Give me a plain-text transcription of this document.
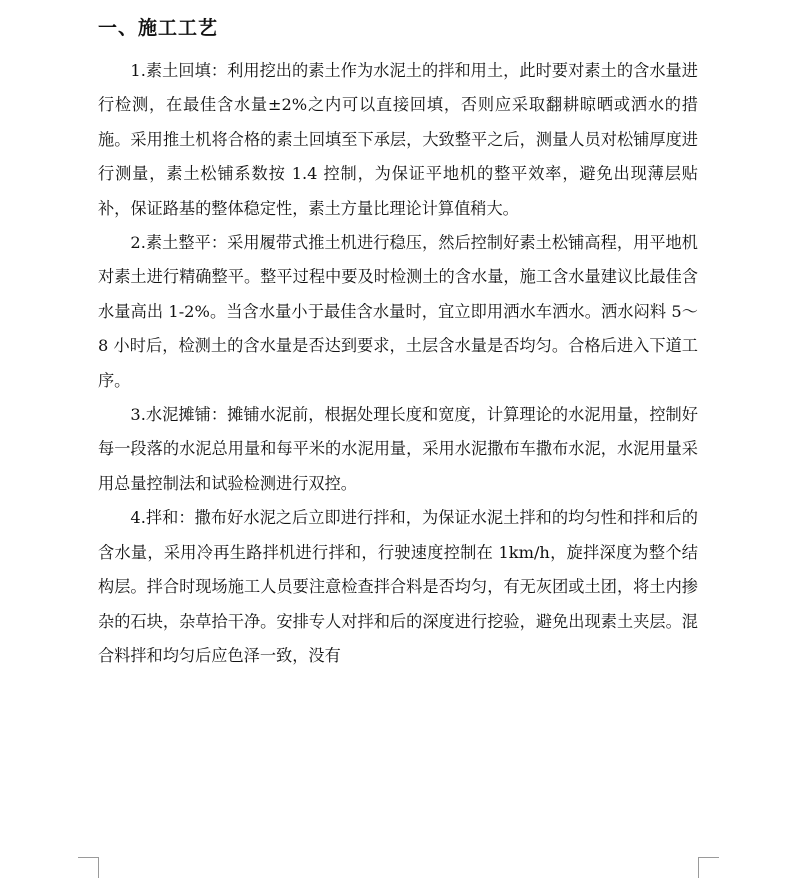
一、施工工艺

1.素土回填：利用挖出的素土作为水泥土的拌和用土，此时要对素土的含水量进行检测，在最佳含水量±2%之内可以直接回填，否则应采取翻耕晾晒或洒水的措施。采用推土机将合格的素土回填至下承层，大致整平之后，测量人员对松铺厚度进行测量，素土松铺系数按 1.4 控制，为保证平地机的整平效率，避免出现薄层贴补，保证路基的整体稳定性，素土方量比理论计算值稍大。

2.素土整平：采用履带式推土机进行稳压，然后控制好素土松铺高程，用平地机对素土进行精确整平。整平过程中要及时检测土的含水量，施工含水量建议比最佳含水量高出 1-2%。当含水量小于最佳含水量时，宜立即用洒水车洒水。洒水闷料 5～8 小时后，检测土的含水量是否达到要求，土层含水量是否均匀。合格后进入下道工序。

3.水泥摊铺：摊铺水泥前，根据处理长度和宽度，计算理论的水泥用量，控制好每一段落的水泥总用量和每平米的水泥用量，采用水泥撒布车撒布水泥，水泥用量采用总量控制法和试验检测进行双控。

4.拌和：撒布好水泥之后立即进行拌和，为保证水泥土拌和的均匀性和拌和后的含水量，采用冷再生路拌机进行拌和，行驶速度控制在 1km/h，旋拌深度为整个结构层。拌合时现场施工人员要注意检查拌合料是否均匀，有无灰团或土团，将土内掺杂的石块，杂草拾干净。安排专人对拌和后的深度进行挖验，避免出现素土夹层。混合料拌和均匀后应色泽一致，没有
